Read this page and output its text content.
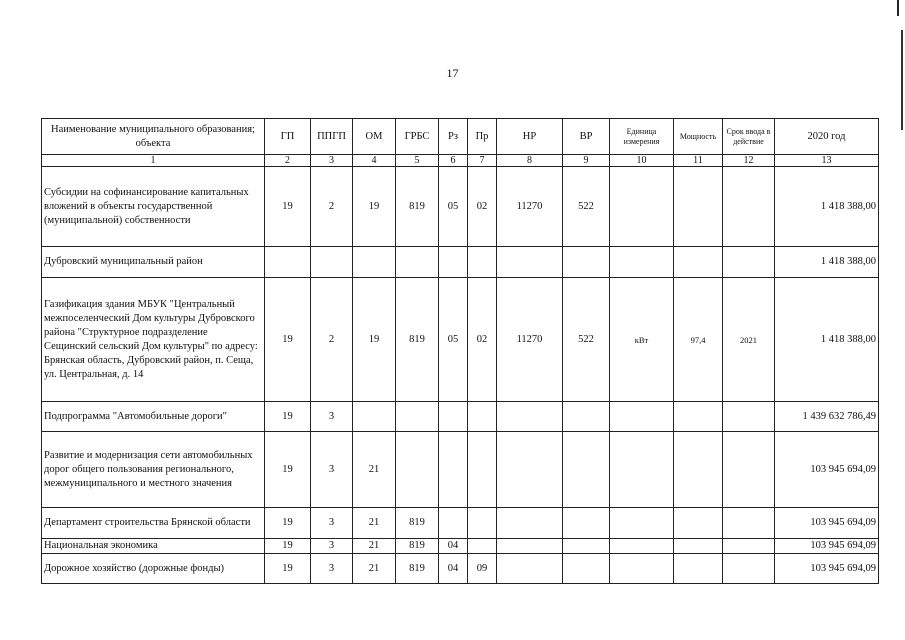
17
Наименование муниципального образования; объекта	ГП	ППГП	ОМ	ГРБС	Рз	Пр	НР	ВР	Единица измерения	Мощность	Срок ввода в действие	2020 год
1	2	3	4	5	6	7	8	9	10	11	12	13
Субсидии на софинансирование капитальных вложений в объекты государственной (муниципальной) собственности	19	2	19	819	05	02	11270	522				1 418 388,00
Дубровский муниципальный район												1 418 388,00
Газификация здания МБУК "Центральный межпоселенческий Дом культуры Дубровского района "Структурное подразделение Сещинский сельский Дом культуры" по адресу: Брянская область, Дубровский район, п. Сеща, ул. Центральная, д. 14	19	2	19	819	05	02	11270	522	кВт	97,4	2021	1 418 388,00
Подпрограмма "Автомобильные дороги"	19	3										1 439 632 786,49
Развитие и модернизация сети автомобильных дорог общего пользования регионального, межмуниципального и местного значения	19	3	21									103 945 694,09
Департамент строительства Брянской области	19	3	21	819								103 945 694,09
Национальная экономика	19	3	21	819	04							103 945 694,09
Дорожное хозяйство (дорожные фонды)	19	3	21	819	04	09						103 945 694,09
